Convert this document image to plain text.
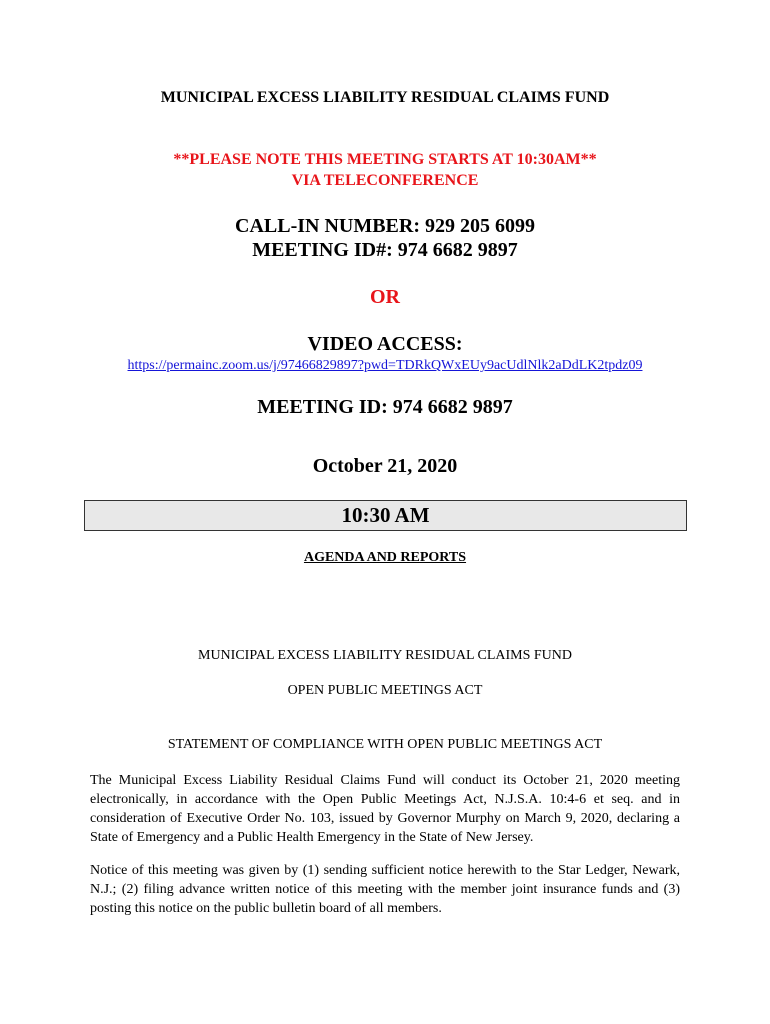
MUNICIPAL EXCESS LIABILITY RESIDUAL CLAIMS FUND
**PLEASE NOTE THIS MEETING STARTS AT 10:30AM**
VIA TELECONFERENCE
CALL-IN NUMBER: 929 205 6099
MEETING ID#: 974 6682 9897
OR
VIDEO ACCESS:
https://permainc.zoom.us/j/97466829897?pwd=TDRkQWxEUy9acUdlNlk2aDdLK2tpdz09
MEETING ID: 974 6682 9897
October 21, 2020
10:30 AM
AGENDA AND REPORTS
MUNICIPAL EXCESS LIABILITY RESIDUAL CLAIMS FUND
OPEN PUBLIC MEETINGS ACT
STATEMENT OF COMPLIANCE WITH OPEN PUBLIC MEETINGS ACT
The Municipal Excess Liability Residual Claims Fund will conduct its October 21, 2020 meeting electronically, in accordance with the Open Public Meetings Act, N.J.S.A. 10:4-6 et seq. and in consideration of Executive Order No. 103, issued by Governor Murphy on March 9, 2020, declaring a State of Emergency and a Public Health Emergency in the State of New Jersey.
Notice of this meeting was given by (1) sending sufficient notice herewith to the Star Ledger, Newark, N.J.; (2) filing advance written notice of this meeting with the member joint insurance funds and (3) posting this notice on the public bulletin board of all members.
